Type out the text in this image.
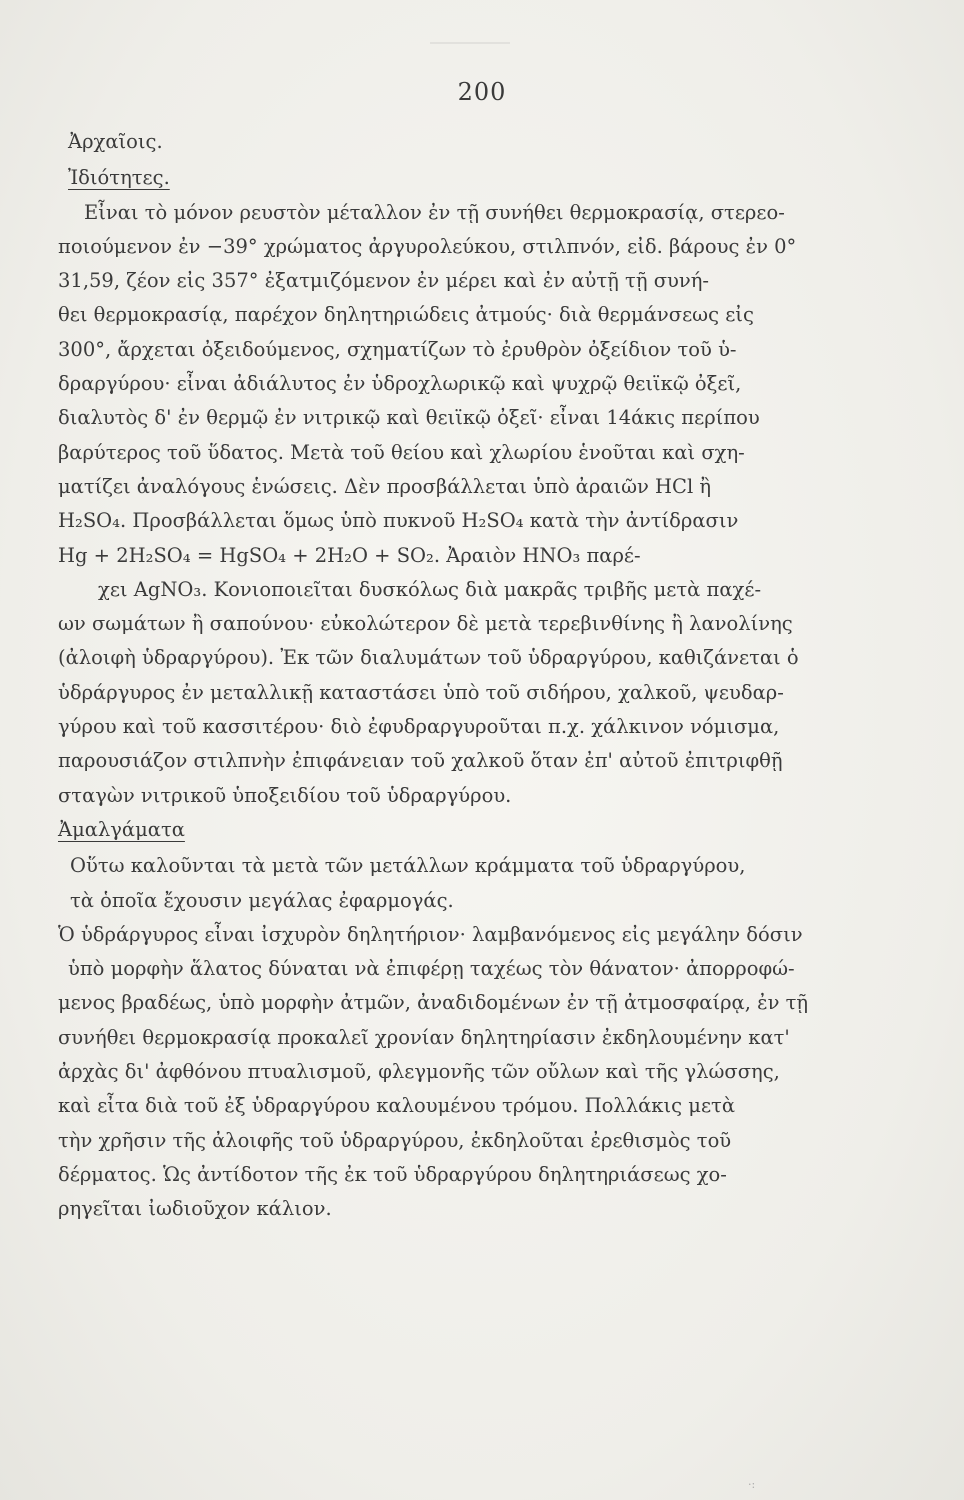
200

Ἀρχαῖοις.

Ἰδιότητες.

Εἶναι τὸ μόνον ρευστὸν μέταλλον ἐν τῇ συνήθει θερμοκρασίᾳ, στερεο-

ποιούμενον ἐν −39° χρώματος ἀργυρολεύκου, στιλπνόν, εἰδ. βάρους ἐν 0°

31,59, ζέον εἰς 357° ἐξατμιζόμενον ἐν μέρει καὶ ἐν αὐτῇ τῇ συνή-

θει θερμοκρασίᾳ, παρέχον δηλητηριώδεις ἀτμούς· διὰ θερμάνσεως εἰς

300°, ἄρχεται ὀξειδούμενος, σχηματίζων τὸ ἐρυθρὸν ὀξείδιον τοῦ ὑ-

δραργύρου· εἶναι ἀδιάλυτος ἐν ὑδροχλωρικῷ καὶ ψυχρῷ θειϊκῷ ὀξεῖ,

διαλυτὸς δ' ἐν θερμῷ ἐν νιτρικῷ καὶ θειϊκῷ ὀξεῖ· εἶναι 14άκις περίπου

βαρύτερος τοῦ ὕδατος. Μετὰ τοῦ θείου καὶ χλωρίου ἑνοῦται καὶ σχη-

ματίζει ἀναλόγους ἑνώσεις. Δὲν προσβάλλεται ὑπὸ ἀραιῶν HCl ἢ

H₂SO₄. Προσβάλλεται ὅμως ὑπὸ πυκνοῦ H₂SO₄ κατὰ τὴν ἀντίδρασιν

Hg + 2H₂SO₄ = HgSO₄ + 2H₂O + SO₂. Ἀραιὸν HNO₃ παρέ-

χει AgNO₃. Κονιοποιεῖται δυσκόλως διὰ μακρᾶς τριβῆς μετὰ παχέ-

ων σωμάτων ἢ σαπούνου· εὐκολώτερον δὲ μετὰ τερεβινθίνης ἢ λανολίνης

(ἀλοιφὴ ὑδραργύρου). Ἐκ τῶν διαλυμάτων τοῦ ὑδραργύρου, καθιζάνεται ὁ

ὑδράργυρος ἐν μεταλλικῇ καταστάσει ὑπὸ τοῦ σιδήρου, χαλκοῦ, ψευδαρ-

γύρου καὶ τοῦ κασσιτέρου· διὸ ἐφυδραργυροῦται π.χ. χάλκινον νόμισμα,

παρουσιάζον στιλπνὴν ἐπιφάνειαν τοῦ χαλκοῦ ὅταν ἐπ' αὐτοῦ ἐπιτριφθῇ

σταγὼν νιτρικοῦ ὑποξειδίου τοῦ ὑδραργύρου.

Ἀμαλγάματα

Οὕτω καλοῦνται τὰ μετὰ τῶν μετάλλων κράμματα τοῦ ὑδραργύρου,

τὰ ὁποῖα ἔχουσιν μεγάλας ἐφαρμογάς.

Ὁ ὑδράργυρος εἶναι ἰσχυρὸν δηλητήριον· λαμβανόμενος εἰς μεγάλην δόσιν

ὑπὸ μορφὴν ἅλατος δύναται νὰ ἐπιφέρῃ ταχέως τὸν θάνατον· ἀπορροφώ-

μενος βραδέως, ὑπὸ μορφὴν ἀτμῶν, ἀναδιδομένων ἐν τῇ ἀτμοσφαίρᾳ, ἐν τῇ

συνήθει θερμοκρασίᾳ προκαλεῖ χρονίαν δηλητηρίασιν ἐκδηλουμένην κατ'

ἀρχὰς δι' ἀφθόνου πτυαλισμοῦ, φλεγμονῆς τῶν οὔλων καὶ τῆς γλώσσης,

καὶ εἶτα διὰ τοῦ ἐξ ὑδραργύρου καλουμένου τρόμου. Πολλάκις μετὰ

τὴν χρῆσιν τῆς ἀλοιφῆς τοῦ ὑδραργύρου, ἐκδηλοῦται ἐρεθισμὸς τοῦ

δέρματος. Ὡς ἀντίδοτον τῆς ἐκ τοῦ ὑδραργύρου δηλητηριάσεως χο-

ρηγεῖται ἰωδιοῦχον κάλιον.

·:
